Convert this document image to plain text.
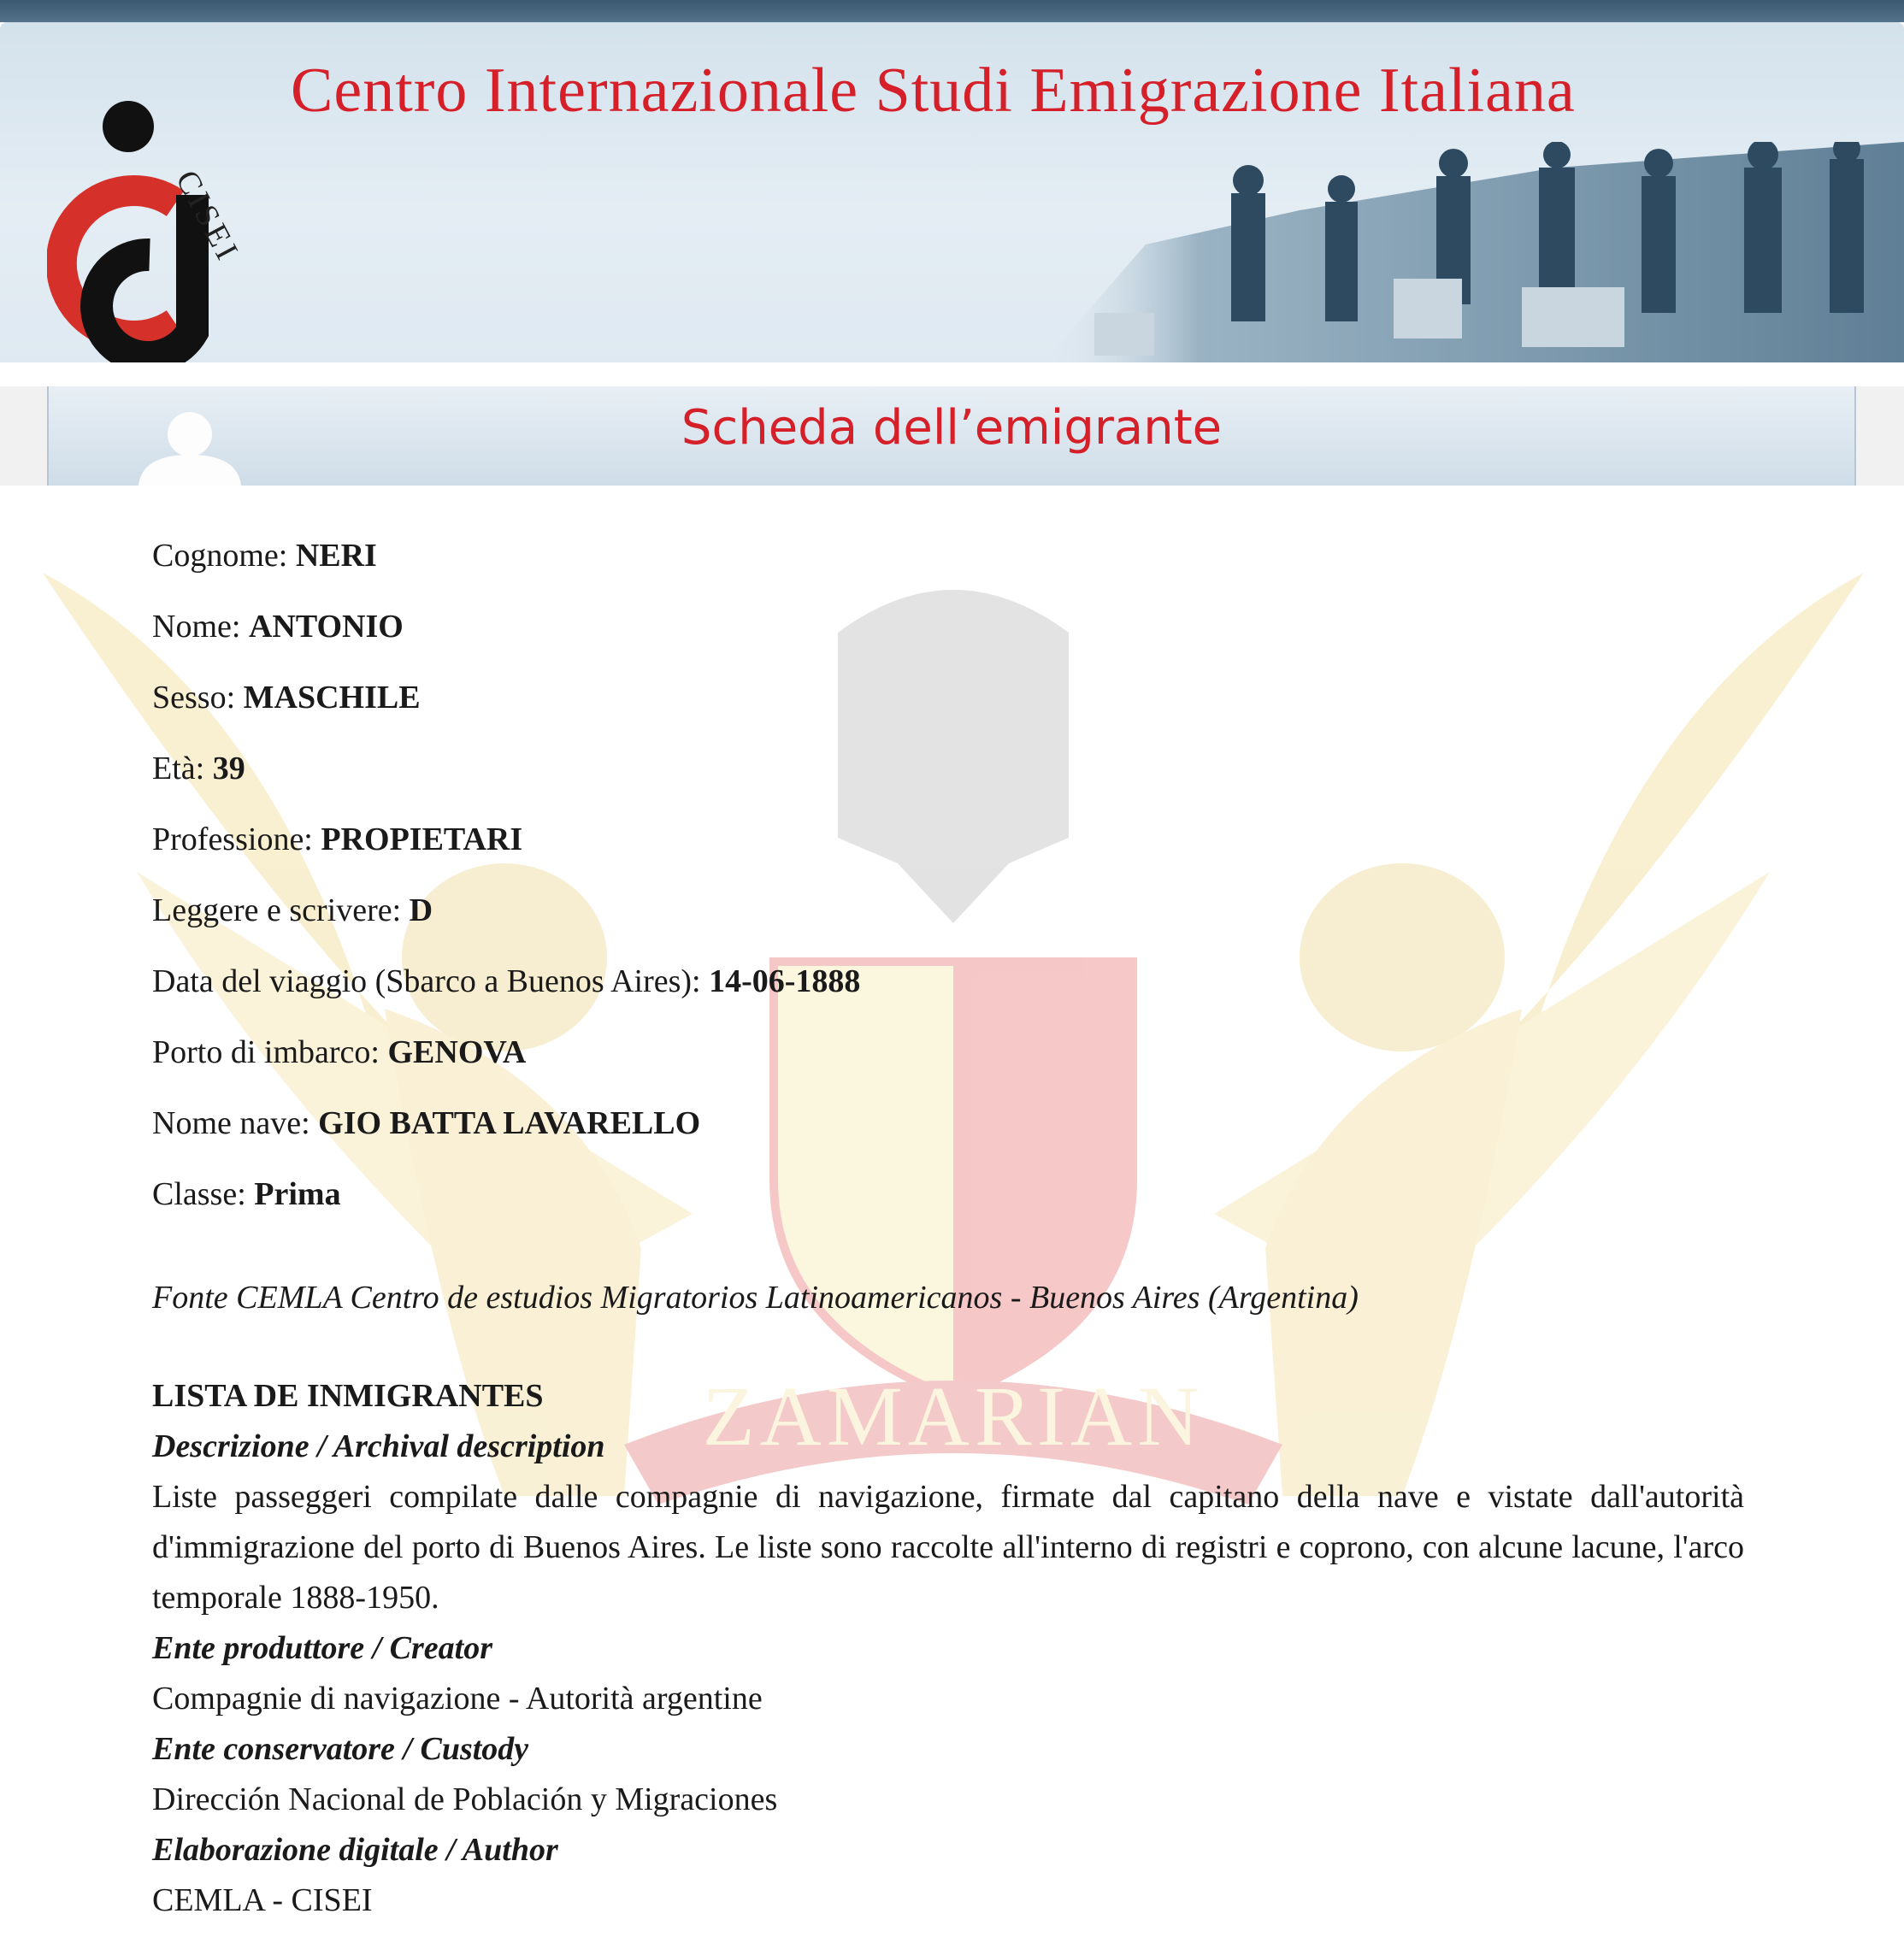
CISEI
Centro Internazionale Studi Emigrazione Italiana
Scheda dell’emigrante
ZAMARIAN
Cognome: NERI
Nome: ANTONIO
Sesso: MASCHILE
Età: 39
Professione: PROPIETARI
Leggere e scrivere: D
Data del viaggio (Sbarco a Buenos Aires): 14-06-1888
Porto di imbarco: GENOVA
Nome nave: GIO BATTA LAVARELLO
Classe: Prima
Fonte CEMLA Centro de estudios Migratorios Latinoamericanos - Buenos Aires (Argentina)
LISTA DE INMIGRANTES
Descrizione / Archival description
Liste passeggeri compilate dalle compagnie di navigazione, firmate dal capitano della nave e vistate dall'autorità d'immigrazione del porto di Buenos Aires. Le liste sono raccolte all'interno di registri e coprono, con alcune lacune, l'arco temporale 1888-1950.
Ente produttore / Creator
Compagnie di navigazione - Autorità argentine
Ente conservatore / Custody
Dirección Nacional de Población y Migraciones
Elaborazione digitale / Author
CEMLA - CISEI
